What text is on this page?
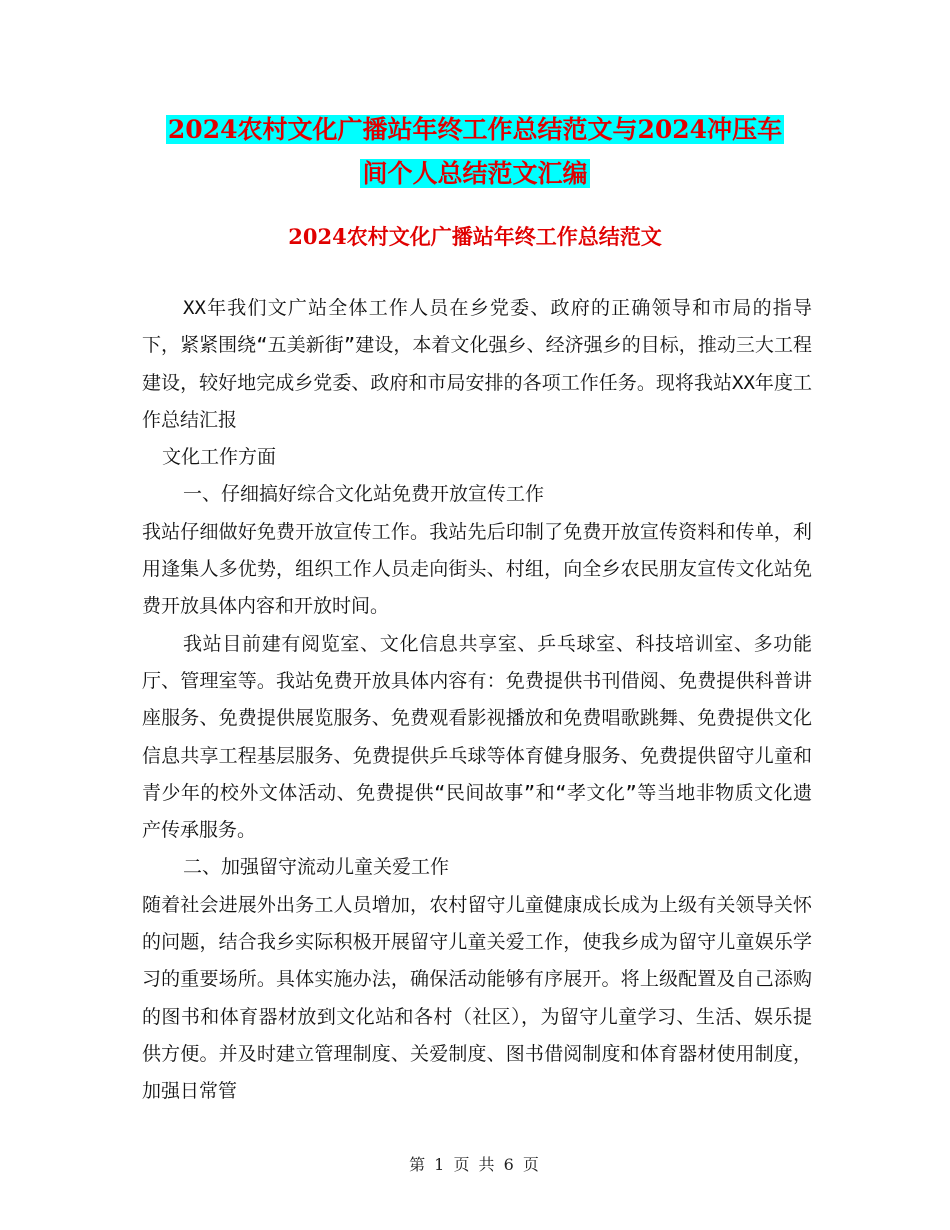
2024农村文化广播站年终工作总结范文与2024冲压车
间个人总结范文汇编
2024农村文化广播站年终工作总结范文

XX年我们文广站全体工作人员在乡党委、政府的正确领导和市局的指导下，紧紧围绕“五美新街”建设，本着文化强乡、经济强乡的目标，推动三大工程建设，较好地完成乡党委、政府和市局安排的各项工作任务。现将我站XX年度工作总结汇报

文化工作方面

一、仔细搞好综合文化站免费开放宣传工作

我站仔细做好免费开放宣传工作。我站先后印制了免费开放宣传资料和传单，利用逢集人多优势，组织工作人员走向街头、村组，向全乡农民朋友宣传文化站免费开放具体内容和开放时间。

我站目前建有阅览室、文化信息共享室、乒乓球室、科技培训室、多功能厅、管理室等。我站免费开放具体内容有：免费提供书刊借阅、免费提供科普讲座服务、免费提供展览服务、免费观看影视播放和免费唱歌跳舞、免费提供文化信息共享工程基层服务、免费提供乒乓球等体育健身服务、免费提供留守儿童和青少年的校外文体活动、免费提供“民间故事”和“孝文化”等当地非物质文化遗产传承服务。

二、加强留守流动儿童关爱工作

随着社会进展外出务工人员增加，农村留守儿童健康成长成为上级有关领导关怀的问题，结合我乡实际积极开展留守儿童关爱工作，使我乡成为留守儿童娱乐学习的重要场所。具体实施办法，确保活动能够有序展开。将上级配置及自己添购的图书和体育器材放到文化站和各村（社区），为留守儿童学习、生活、娱乐提供方便。并及时建立管理制度、关爱制度、图书借阅制度和体育器材使用制度，加强日常管

第 1 页 共 6 页
